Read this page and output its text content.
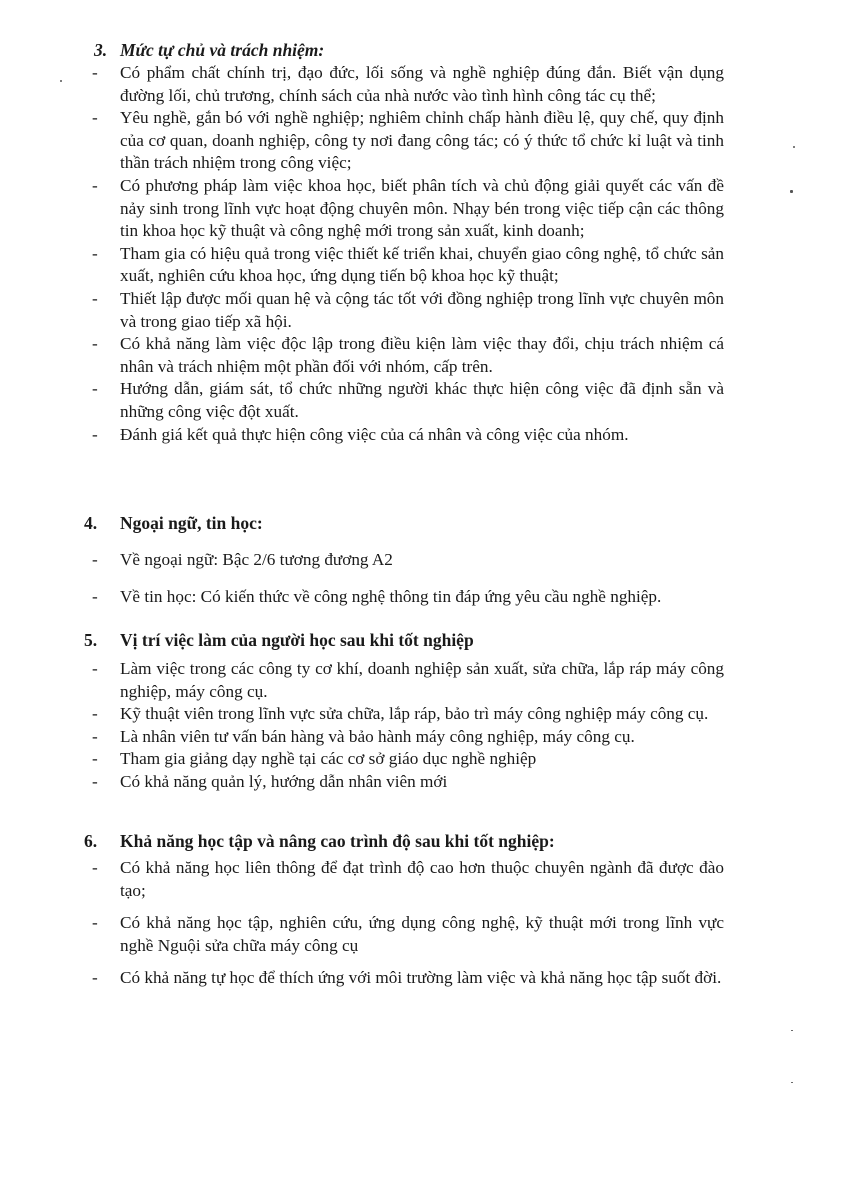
3. Mức tự chủ và trách nhiệm:

- Có phẩm chất chính trị, đạo đức, lối sống và nghề nghiệp đúng đắn. Biết vận dụng đường lối, chủ trương, chính sách của nhà nước vào tình hình công tác cụ thể;
- Yêu nghề, gắn bó với nghề nghiệp; nghiêm chỉnh chấp hành điều lệ, quy chế, quy định của cơ quan, doanh nghiệp, công ty nơi đang công tác; có ý thức tổ chức kỉ luật và tinh thần trách nhiệm trong công việc;
- Có phương pháp làm việc khoa học, biết phân tích và chủ động giải quyết các vấn đề nảy sinh trong lĩnh vực hoạt động chuyên môn. Nhạy bén trong việc tiếp cận các thông tin khoa học kỹ thuật và công nghệ mới trong sản xuất, kinh doanh;
- Tham gia có hiệu quả trong việc thiết kế triển khai, chuyển giao công nghệ, tổ chức sản xuất, nghiên cứu khoa học, ứng dụng tiến bộ khoa học kỹ thuật;
- Thiết lập được mối quan hệ và cộng tác tốt với đồng nghiệp trong lĩnh vực chuyên môn và trong giao tiếp xã hội.
- Có khả năng làm việc độc lập trong điều kiện làm việc thay đổi, chịu trách nhiệm cá nhân và trách nhiệm một phần đối với nhóm, cấp trên.
- Hướng dẫn, giám sát, tổ chức những người khác thực hiện công việc đã định sẵn và những công việc đột xuất.
- Đánh giá kết quả thực hiện công việc của cá nhân và công việc của nhóm.

4. Ngoại ngữ, tin học:

- Về ngoại ngữ: Bậc 2/6 tương đương A2
- Về tin học: Có kiến thức về công nghệ thông tin đáp ứng yêu cầu nghề nghiệp.

5. Vị trí việc làm của người học sau khi tốt nghiệp

- Làm việc trong các công ty cơ khí, doanh nghiệp sản xuất, sửa chữa, lắp ráp máy công nghiệp, máy công cụ.
- Kỹ thuật viên trong lĩnh vực sửa chữa, lắp ráp, bảo trì máy công nghiệp máy công cụ.
- Là nhân viên tư vấn bán hàng và bảo hành máy công nghiệp, máy công cụ.
- Tham gia giảng dạy nghề tại các cơ sở giáo dục nghề nghiệp
- Có khả năng quản lý, hướng dẫn nhân viên mới

6. Khả năng học tập và nâng cao trình độ sau khi tốt nghiệp:

- Có khả năng học liên thông để đạt trình độ cao hơn thuộc chuyên ngành đã được đào tạo;
- Có khả năng học tập, nghiên cứu, ứng dụng công nghệ, kỹ thuật mới trong lĩnh vực nghề Nguội sửa chữa máy công cụ
- Có khả năng tự học để thích ứng với môi trường làm việc và khả năng học tập suốt đời.
